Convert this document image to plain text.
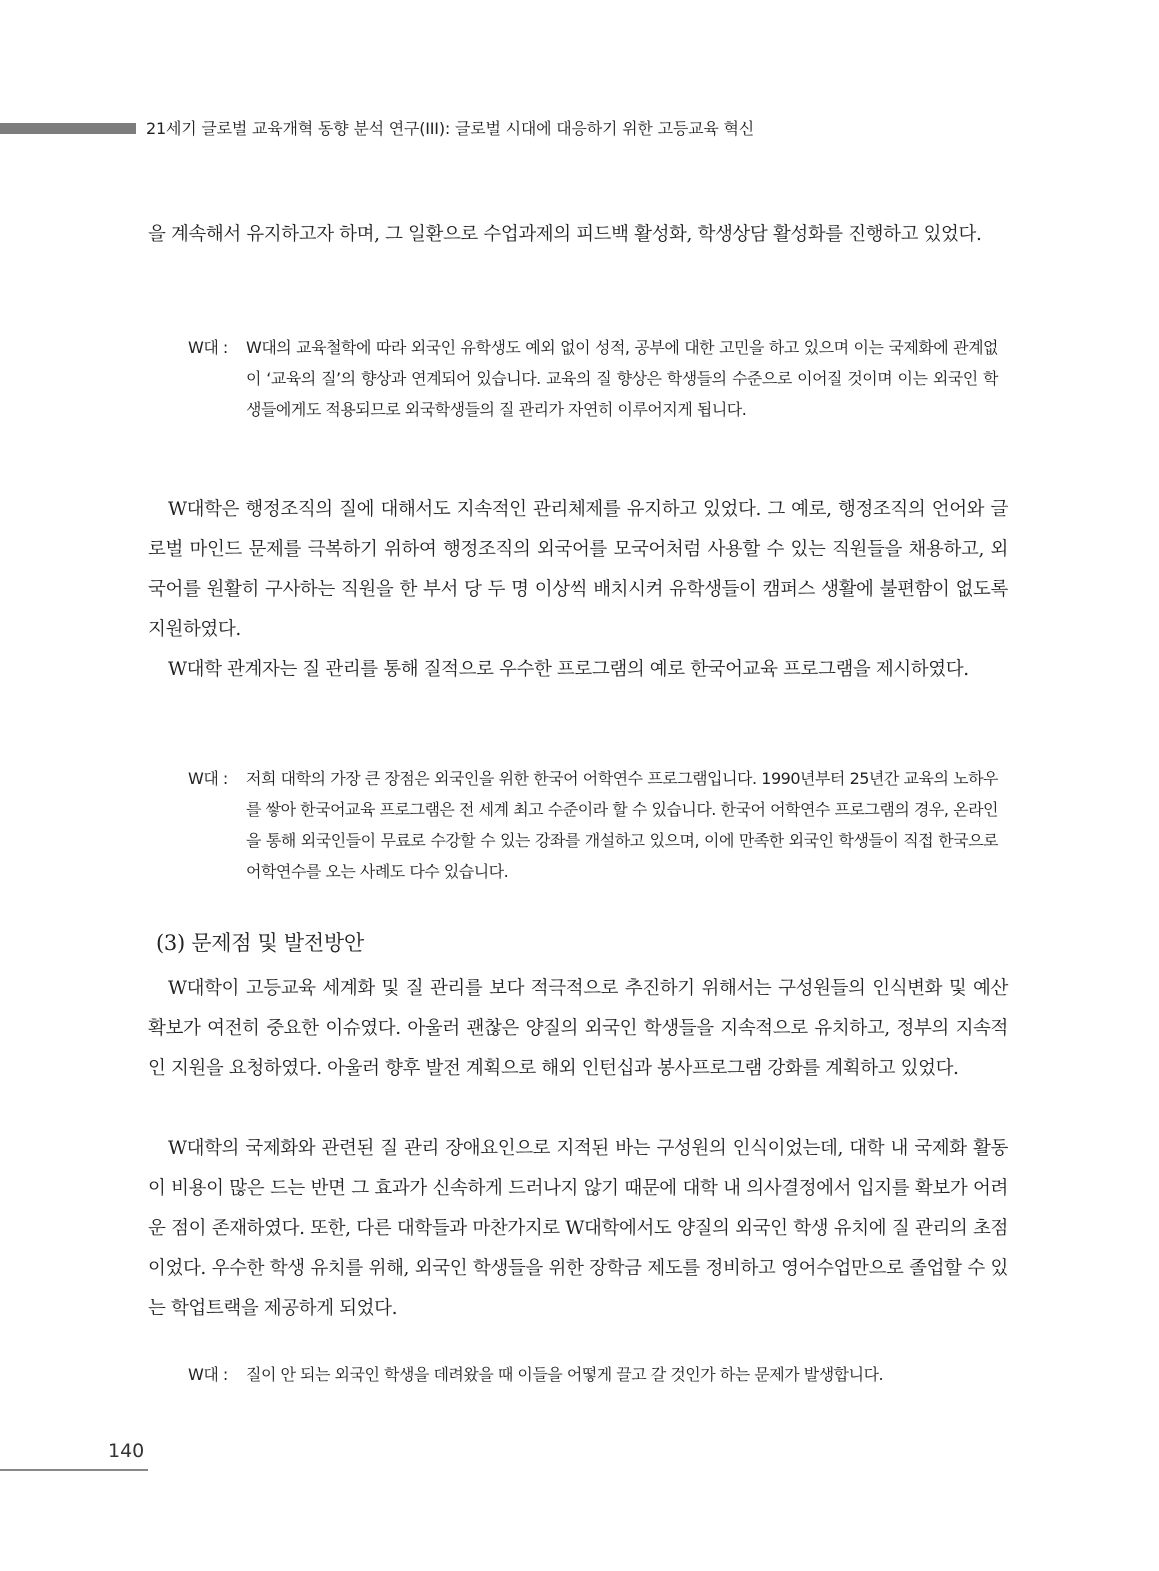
21세기 글로벌 교육개혁 동향 분석 연구(III): 글로벌 시대에 대응하기 위한 고등교육 혁신

을 계속해서 유지하고자 하며, 그 일환으로 수업과제의 피드백 활성화, 학생상담 활성화를 진행하고 있었다.

W대 :	W대의 교육철학에 따라 외국인 유학생도 예외 없이 성적, 공부에 대한 고민을 하고 있으며 이는 국제화에 관계없이 ‘교육의 질’의 향상과 연계되어 있습니다. 교육의 질 향상은 학생들의 수준으로 이어질 것이며 이는 외국인 학생들에게도 적용되므로 외국학생들의 질 관리가 자연히 이루어지게 됩니다.

W대학은 행정조직의 질에 대해서도 지속적인 관리체제를 유지하고 있었다. 그 예로, 행정조직의 언어와 글로벌 마인드 문제를 극복하기 위하여 행정조직의 외국어를 모국어처럼 사용할 수 있는 직원들을 채용하고, 외국어를 원활히 구사하는 직원을 한 부서 당 두 명 이상씩 배치시켜 유학생들이 캠퍼스 생활에 불편함이 없도록 지원하였다.

W대학 관계자는 질 관리를 통해 질적으로 우수한 프로그램의 예로 한국어교육 프로그램을 제시하였다.

W대 :	저희 대학의 가장 큰 장점은 외국인을 위한 한국어 어학연수 프로그램입니다. 1990년부터 25년간 교육의 노하우를 쌓아 한국어교육 프로그램은 전 세계 최고 수준이라 할 수 있습니다. 한국어 어학연수 프로그램의 경우, 온라인을 통해 외국인들이 무료로 수강할 수 있는 강좌를 개설하고 있으며, 이에 만족한 외국인 학생들이 직접 한국으로 어학연수를 오는 사례도 다수 있습니다.
(3) 문제점 및 발전방안

W대학이 고등교육 세계화 및 질 관리를 보다 적극적으로 추진하기 위해서는 구성원들의 인식변화 및 예산 확보가 여전히 중요한 이슈였다. 아울러 괜찮은 양질의 외국인 학생들을 지속적으로 유치하고, 정부의 지속적인 지원을 요청하였다. 아울러 향후 발전 계획으로 해외 인턴십과 봉사프로그램 강화를 계획하고 있었다.

W대학의 국제화와 관련된 질 관리 장애요인으로 지적된 바는 구성원의 인식이었는데, 대학 내 국제화 활동이 비용이 많은 드는 반면 그 효과가 신속하게 드러나지 않기 때문에 대학 내 의사결정에서 입지를 확보가 어려운 점이 존재하였다. 또한, 다른 대학들과 마찬가지로 W대학에서도 양질의 외국인 학생 유치에 질 관리의 초점이었다. 우수한 학생 유치를 위해, 외국인 학생들을 위한 장학금 제도를 정비하고 영어수업만으로 졸업할 수 있는 학업트랙을 제공하게 되었다.

W대 :	질이 안 되는 외국인 학생을 데려왔을 때 이들을 어떻게 끌고 갈 것인가 하는 문제가 발생합니다.
140
